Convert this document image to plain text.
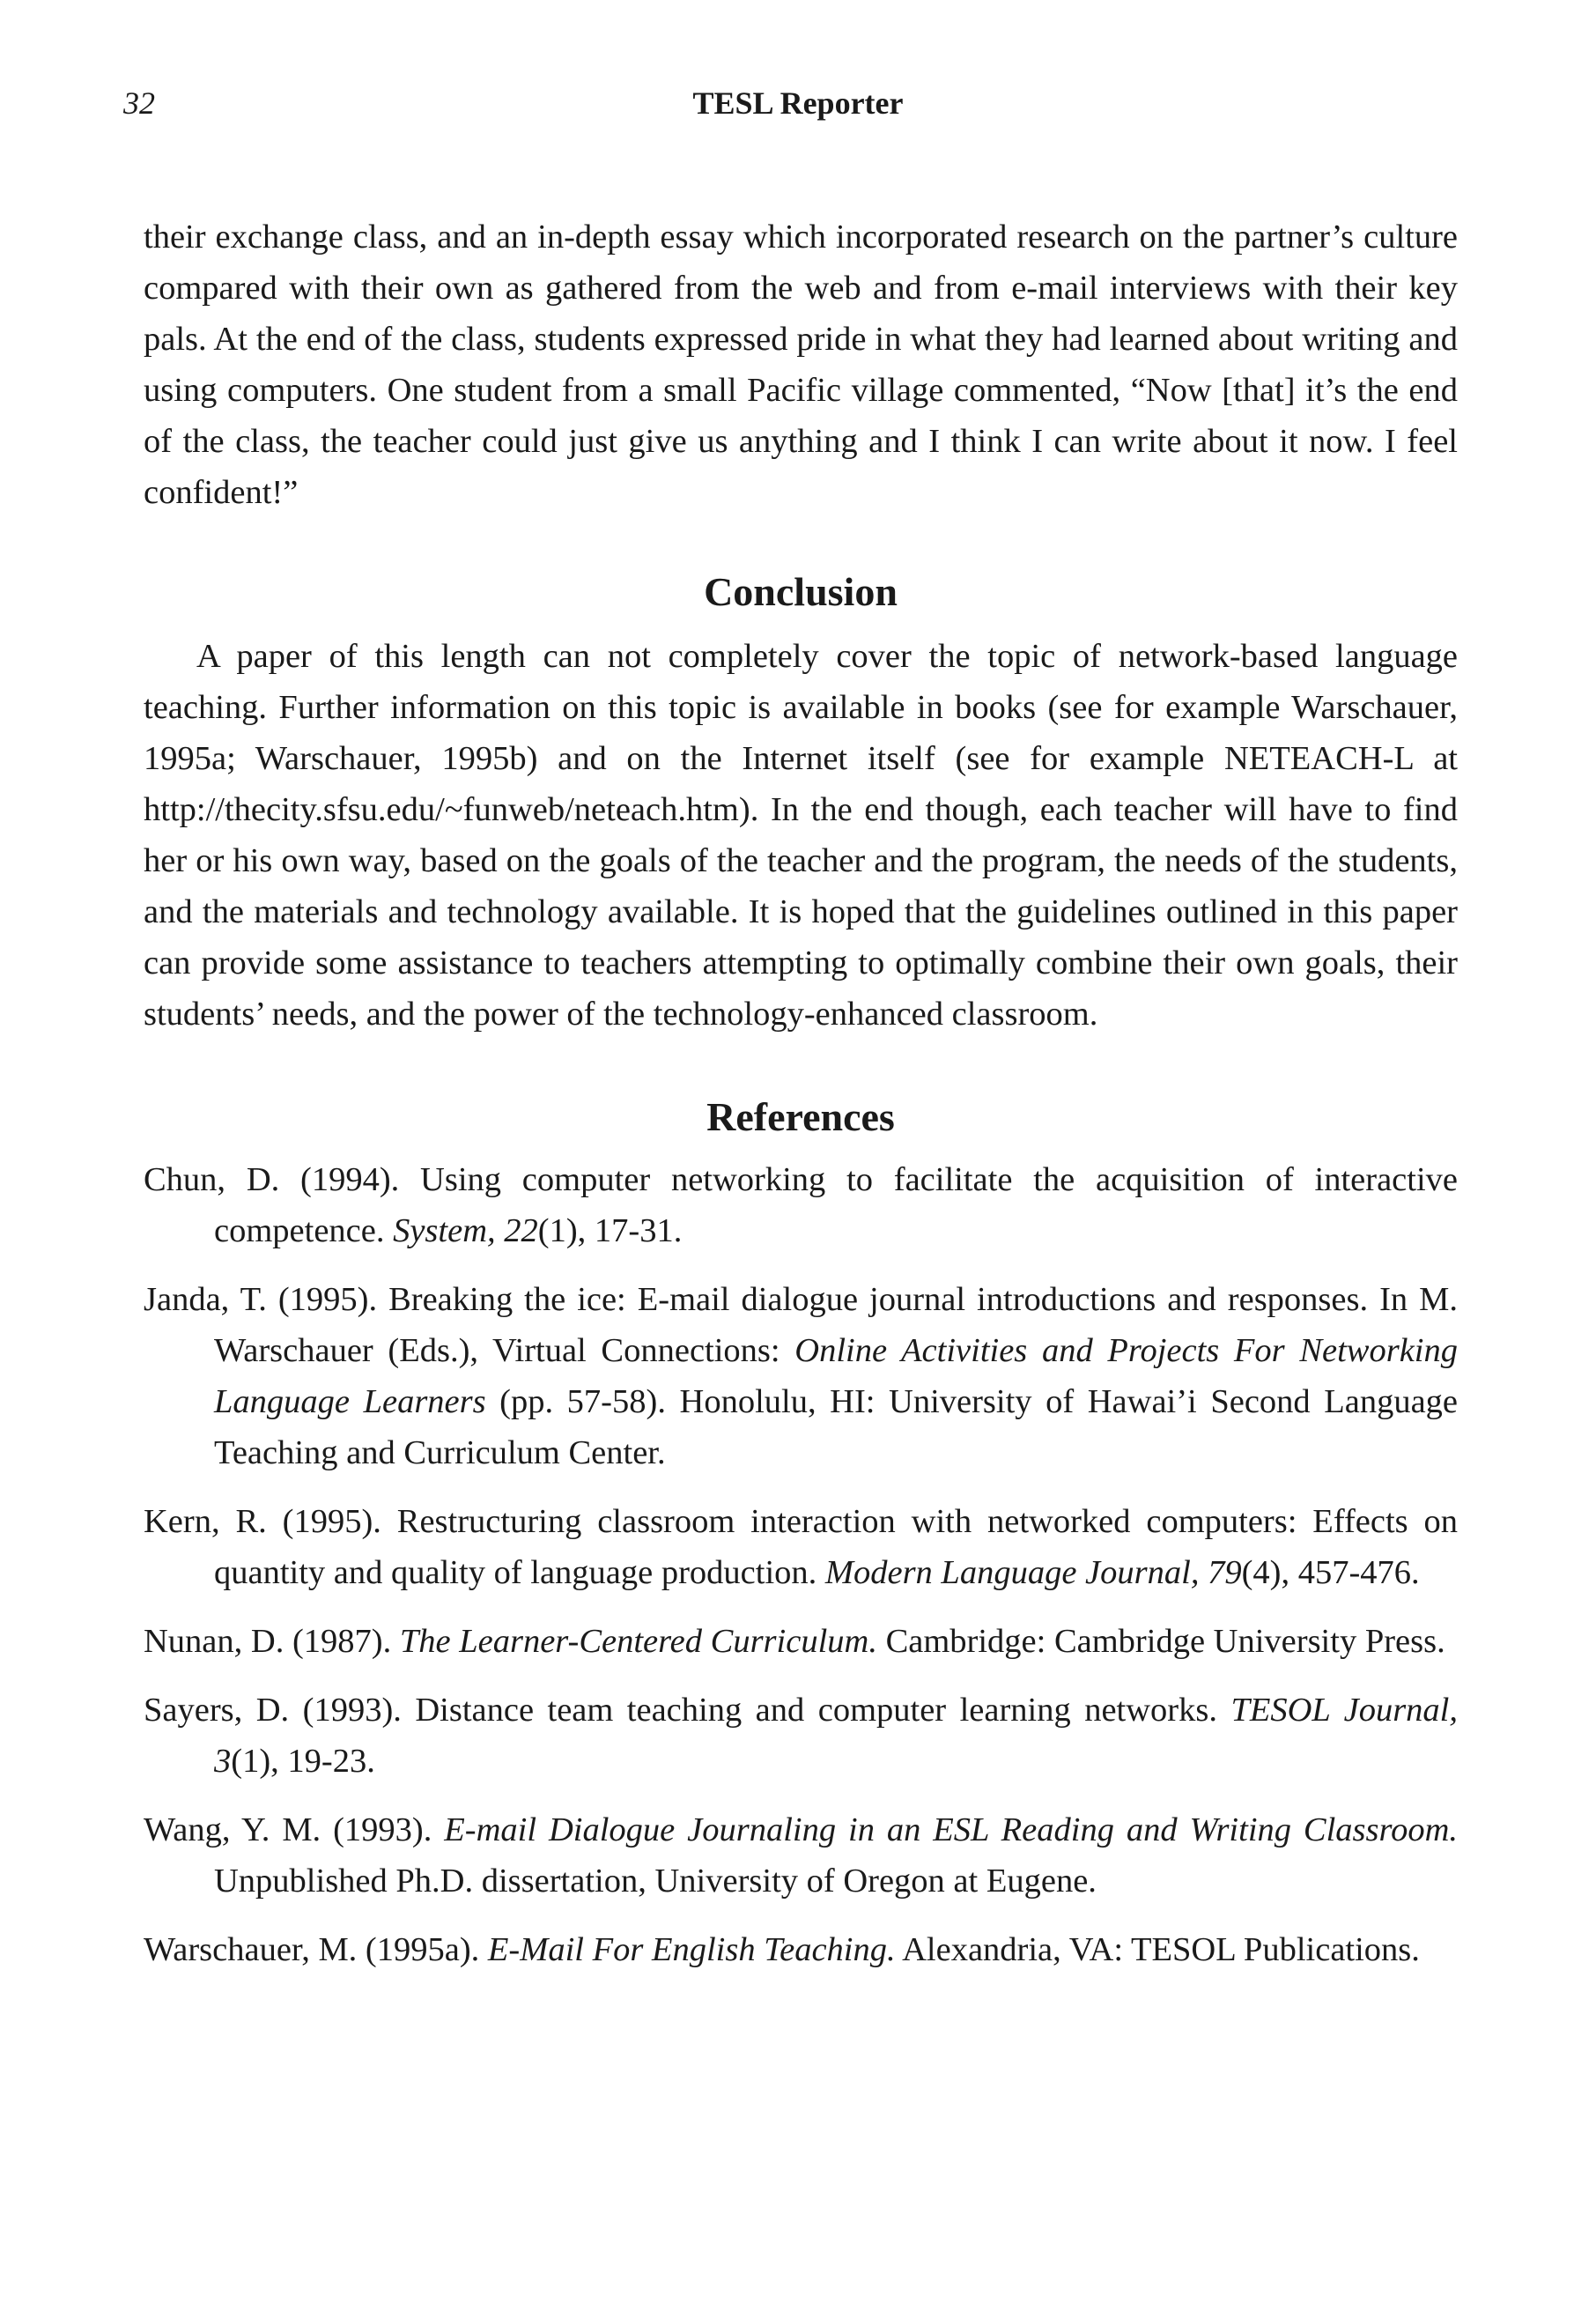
32	TESL Reporter

their exchange class, and an in-depth essay which incorporated research on the partner’s culture compared with their own as gathered from the web and from e-mail interviews with their key pals. At the end of the class, students expressed pride in what they had learned about writing and using computers. One student from a small Pacific village commented, “Now [that] it’s the end of the class, the teacher could just give us anything and I think I can write about it now. I feel confident!”

Conclusion

A paper of this length can not completely cover the topic of network-based language teaching. Further information on this topic is available in books (see for example Warschauer, 1995a; Warschauer, 1995b) and on the Internet itself (see for example NETEACH-L at http://thecity.sfsu.edu/~funweb/neteach.htm). In the end though, each teacher will have to find her or his own way, based on the goals of the teacher and the program, the needs of the students, and the materials and technology available. It is hoped that the guidelines outlined in this paper can provide some assistance to teachers attempting to optimally combine their own goals, their students’ needs, and the power of the technology-enhanced classroom.

References
Chun, D. (1994). Using computer networking to facilitate the acquisition of interactive competence. System, 22(1), 17-31.
Janda, T. (1995). Breaking the ice: E-mail dialogue journal introductions and responses. In M. Warschauer (Eds.), Virtual Connections: Online Activities and Projects For Networking Language Learners (pp. 57-58). Honolulu, HI: University of Hawai’i Second Language Teaching and Curriculum Center.
Kern, R. (1995). Restructuring classroom interaction with networked computers: Effects on quantity and quality of language production. Modern Language Journal, 79(4), 457-476.
Nunan, D. (1987). The Learner-Centered Curriculum. Cambridge: Cambridge University Press.
Sayers, D. (1993). Distance team teaching and computer learning networks. TESOL Journal, 3(1), 19-23.
Wang, Y. M. (1993). E-mail Dialogue Journaling in an ESL Reading and Writing Classroom. Unpublished Ph.D. dissertation, University of Oregon at Eugene.
Warschauer, M. (1995a). E-Mail For English Teaching. Alexandria, VA: TESOL Publications.
